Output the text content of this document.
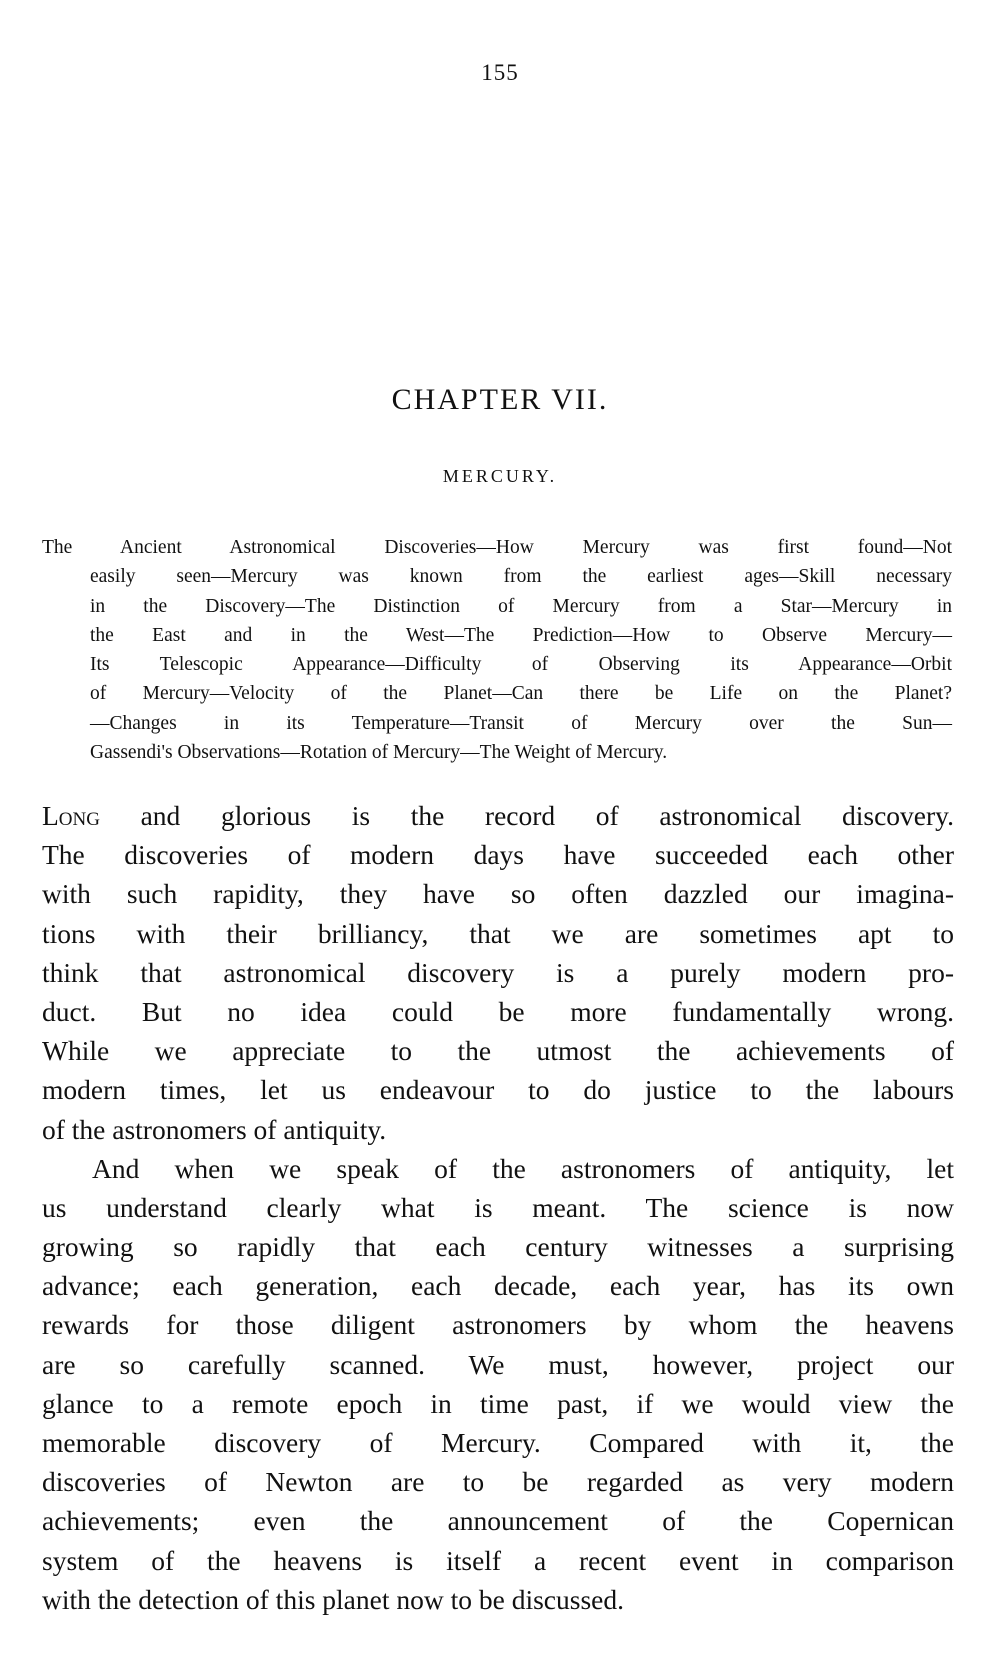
155
CHAPTER VII.
MERCURY.
The Ancient Astronomical Discoveries—How Mercury was first found—Not
easily seen—Mercury was known from the earliest ages—Skill necessary
in the Discovery—The Distinction of Mercury from a Star—Mercury in
the East and in the West—The Prediction—How to Observe Mercury—
Its Telescopic Appearance—Difficulty of Observing its Appearance—Orbit
of Mercury—Velocity of the Planet—Can there be Life on the Planet?
—Changes in its Temperature—Transit of Mercury over the Sun—
Gassendi's Observations—Rotation of Mercury—The Weight of Mercury.
Long and glorious is the record of astronomical discovery.
The discoveries of modern days have succeeded each other
with such rapidity, they have so often dazzled our imagina-
tions with their brilliancy, that we are sometimes apt to
think that astronomical discovery is a purely modern pro-
duct. But no idea could be more fundamentally wrong.
While we appreciate to the utmost the achievements of
modern times, let us endeavour to do justice to the labours
of the astronomers of antiquity.
And when we speak of the astronomers of antiquity, let
us understand clearly what is meant. The science is now
growing so rapidly that each century witnesses a surprising
advance; each generation, each decade, each year, has its own
rewards for those diligent astronomers by whom the heavens
are so carefully scanned. We must, however, project our
glance to a remote epoch in time past, if we would view the
memorable discovery of Mercury. Compared with it, the
discoveries of Newton are to be regarded as very modern
achievements; even the announcement of the Copernican
system of the heavens is itself a recent event in comparison
with the detection of this planet now to be discussed.
